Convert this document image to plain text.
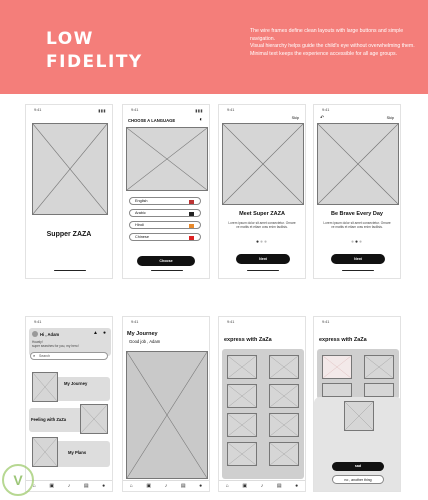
LOW
FIDELITY

The wire frames define clean layouts with large buttons and simple navigation.

Visual hierarchy helps guide the child's eye without overwhelming them.

Minimal text keeps the experience accessible for all age groups.

9:41	▮▮▮
Supper ZAZA
9:41	▮▮▮
CHOOSE A LANGUAGE	◐
English
Arabic
Hindi
Chinese
Choose
9:41
Skip
Meet Super ZAZA
Lorem ipsum dolor sit amet consectetur. Ornare ve mattis et etiam cras enim facilisis.
●●●
Next
9:41
↶	Skip
Be Brave Every Day
Lorem ipsum dolor sit amet consectetur. Ornare ve mattis et etiam cras enim facilisis.
●●●
Next
9:41
Hi , Adam	▲ ●
Howdy!
super searches for you, my hero!
Search
⌕
My Journey
Feeling with ZaZa
My Plans
⌂	▣	♪	▤	●
9:41
My Journey
Good job , Adam
⌂	▣	♪	▤	●
9:41
express with ZaZa
⌂	▣	♪	▤	●
9:41
express with ZaZa
sad
no , another thing
V
